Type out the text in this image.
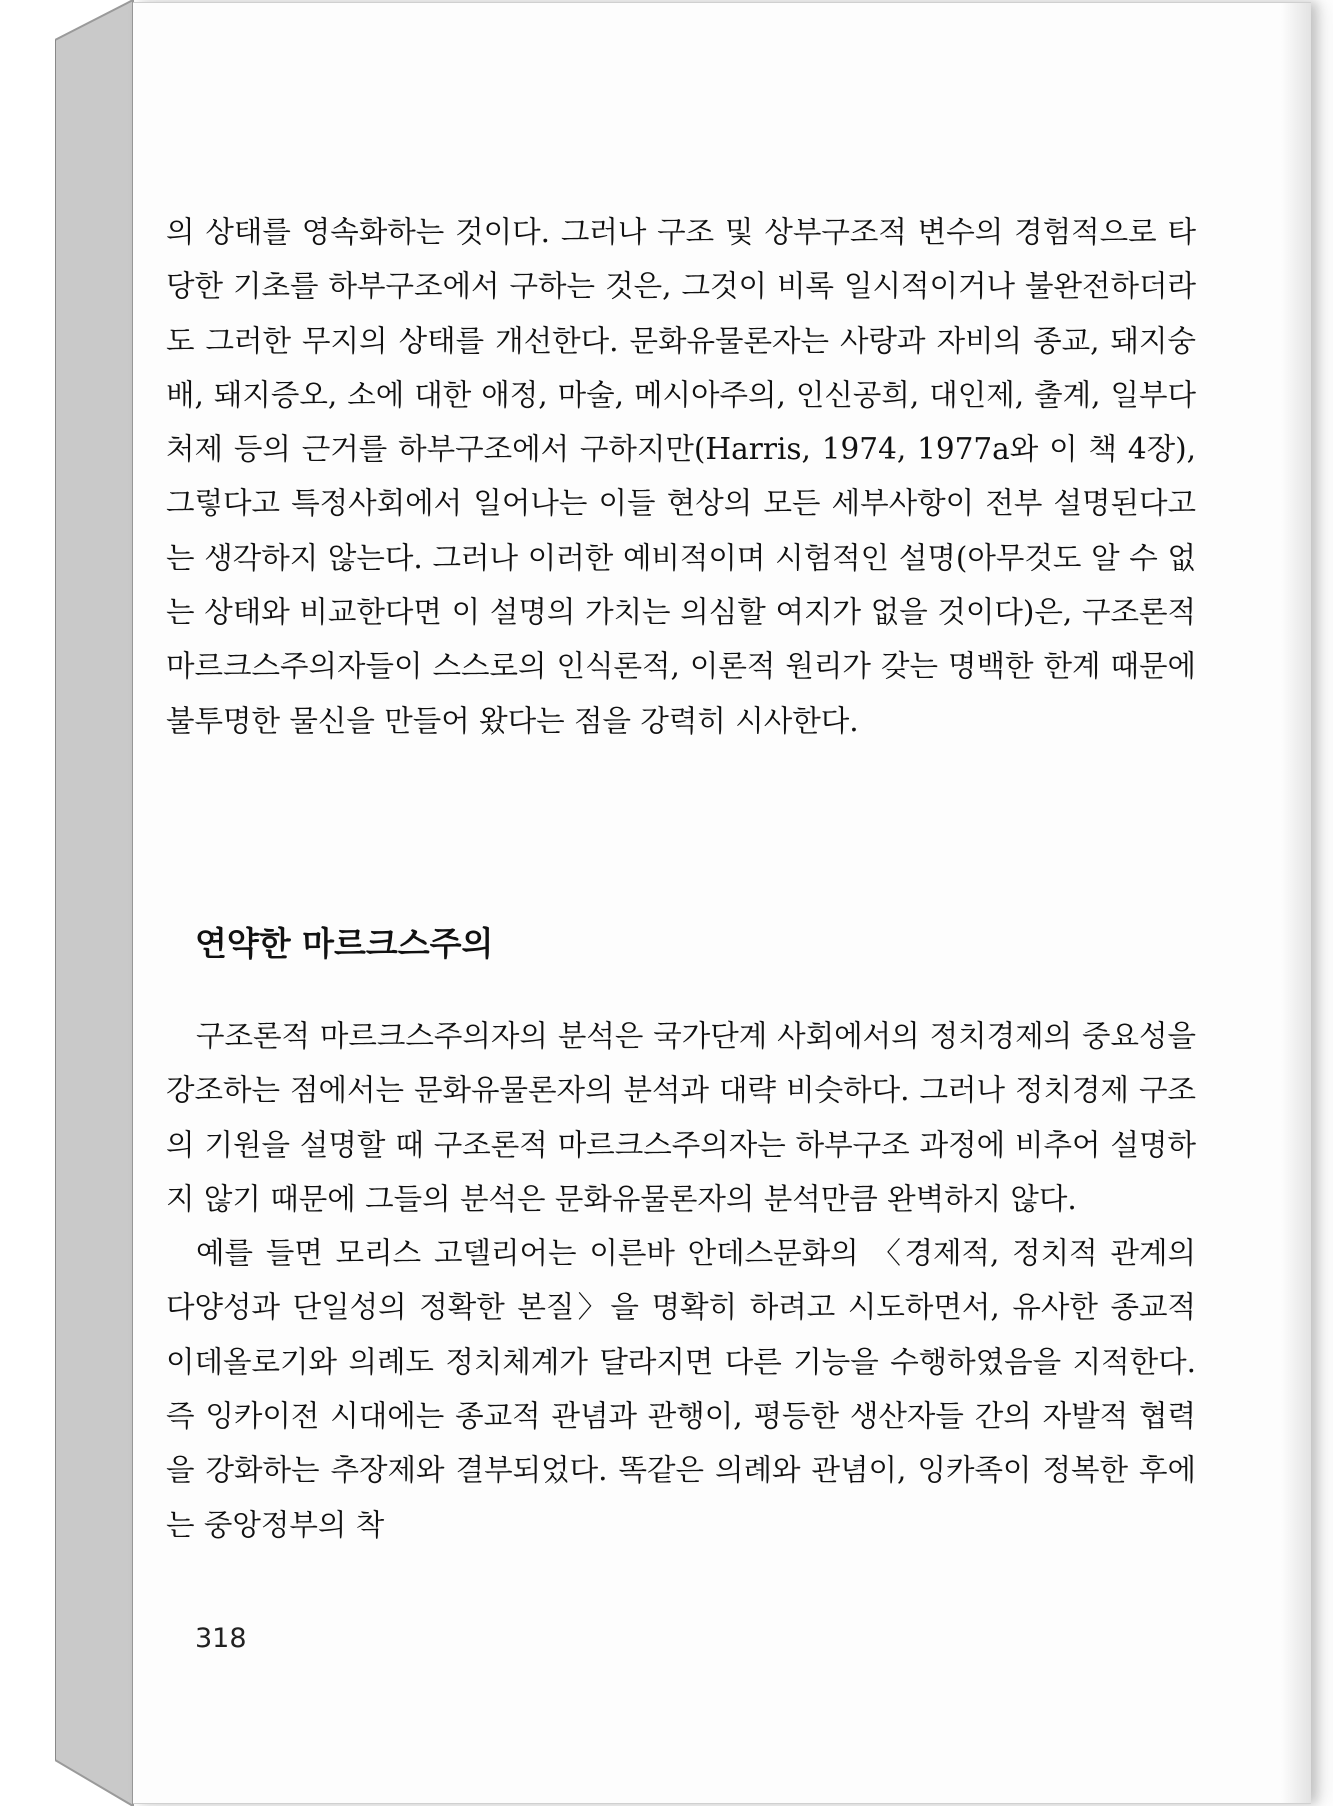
의 상태를 영속화하는 것이다. 그러나 구조 및 상부구조적 변수의 경험적으로 타당한 기초를 하부구조에서 구하는 것은, 그것이 비록 일시적이거나 불완전하더라도 그러한 무지의 상태를 개선한다. 문화유물론자는 사랑과 자비의 종교, 돼지숭배, 돼지증오, 소에 대한 애정, 마술, 메시아주의, 인신공희, 대인제, 출계, 일부다처제 등의 근거를 하부구조에서 구하지만(Harris, 1974, 1977a와 이 책 4장), 그렇다고 특정사회에서 일어나는 이들 현상의 모든 세부사항이 전부 설명된다고는 생각하지 않는다. 그러나 이러한 예비적이며 시험적인 설명(아무것도 알 수 없는 상태와 비교한다면 이 설명의 가치는 의심할 여지가 없을 것이다)은, 구조론적 마르크스주의자들이 스스로의 인식론적, 이론적 원리가 갖는 명백한 한계 때문에 불투명한 물신을 만들어 왔다는 점을 강력히 시사한다.

연약한 마르크스주의

구조론적 마르크스주의자의 분석은 국가단계 사회에서의 정치경제의 중요성을 강조하는 점에서는 문화유물론자의 분석과 대략 비슷하다. 그러나 정치경제 구조의 기원을 설명할 때 구조론적 마르크스주의자는 하부구조 과정에 비추어 설명하지 않기 때문에 그들의 분석은 문화유물론자의 분석만큼 완벽하지 않다.

예를 들면 모리스 고델리어는 이른바 안데스문화의 〈경제적, 정치적 관계의 다양성과 단일성의 정확한 본질〉을 명확히 하려고 시도하면서, 유사한 종교적 이데올로기와 의례도 정치체계가 달라지면 다른 기능을 수행하였음을 지적한다. 즉 잉카이전 시대에는 종교적 관념과 관행이, 평등한 생산자들 간의 자발적 협력을 강화하는 추장제와 결부되었다. 똑같은 의례와 관념이, 잉카족이 정복한 후에는 중앙정부의 착

318
